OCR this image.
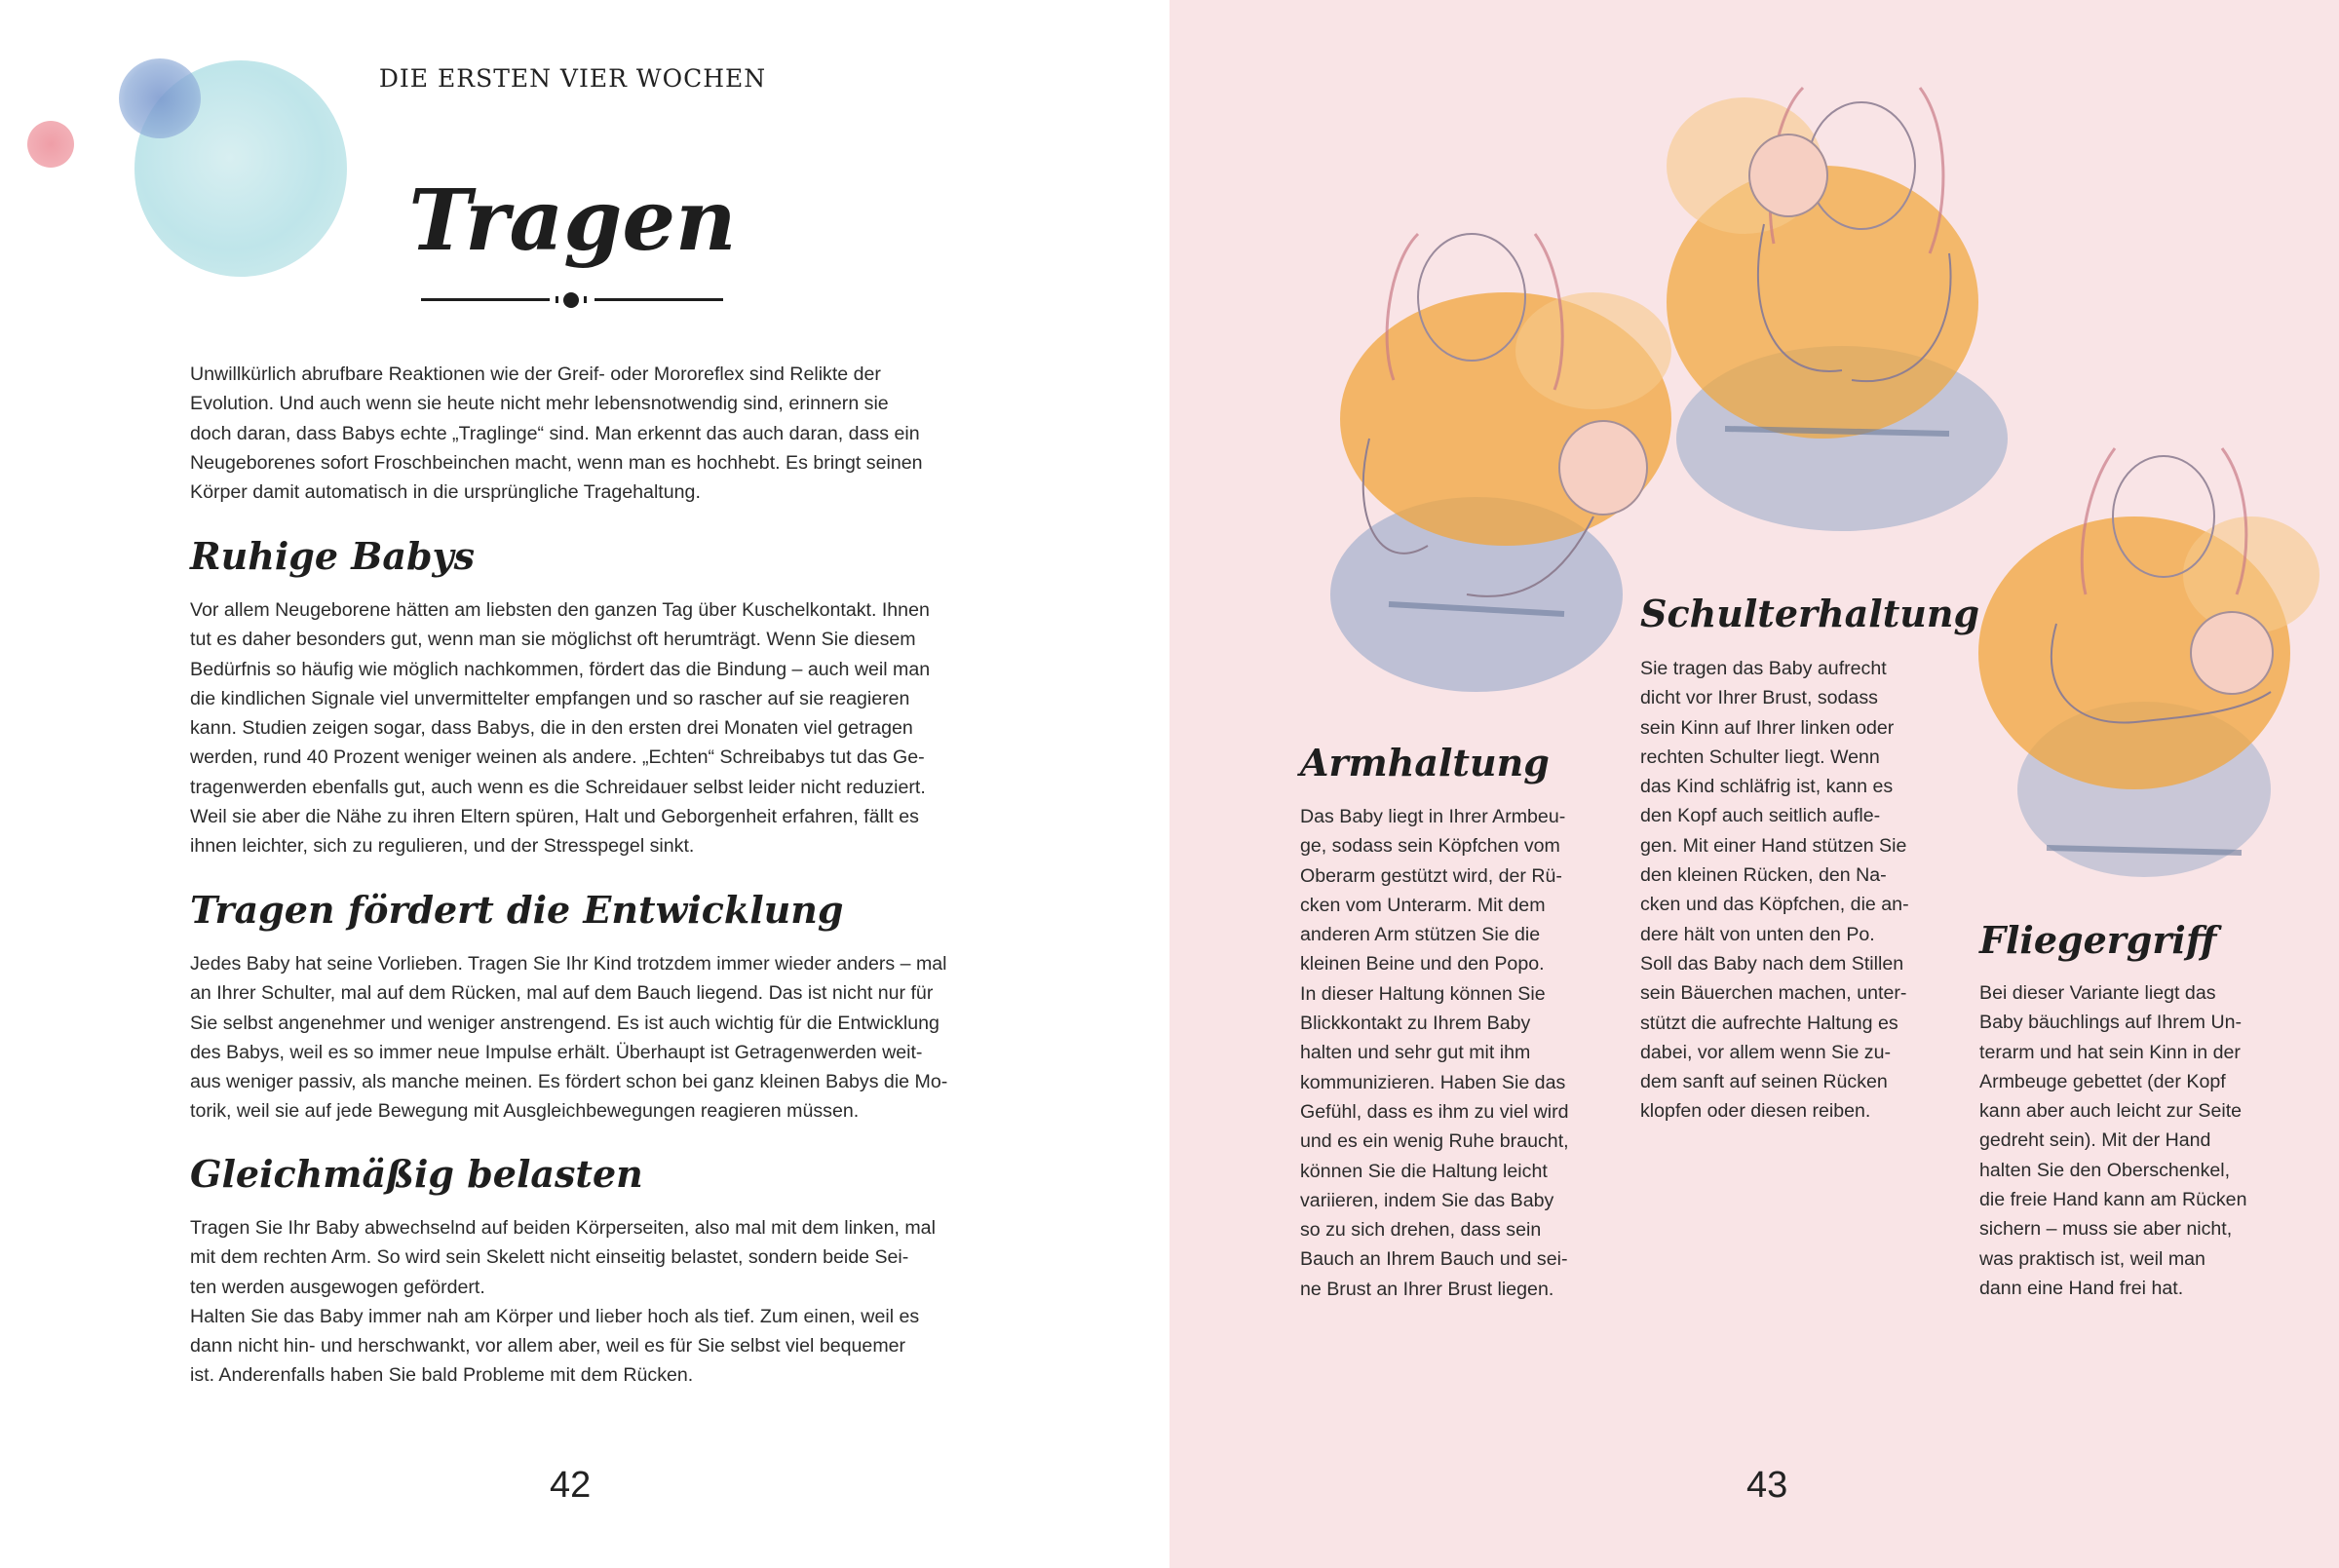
DIE ERSTEN VIER WOCHEN
Tragen

Unwillkürlich abrufbare Reaktionen wie der Greif- oder Mororeflex sind Relikte der
Evolution. Und auch wenn sie heute nicht mehr lebensnotwendig sind, erinnern sie
doch daran, dass Babys echte „Traglinge“ sind. Man erkennt das auch daran, dass ein
Neugeborenes sofort Froschbeinchen macht, wenn man es hochhebt. Es bringt seinen
Körper damit automatisch in die ursprüngliche Tragehaltung.

Ruhige Babys

Vor allem Neugeborene hätten am liebsten den ganzen Tag über Kuschelkontakt. Ihnen
tut es daher besonders gut, wenn man sie möglichst oft herumträgt. Wenn Sie diesem
Bedürfnis so häufig wie möglich nachkommen, fördert das die Bindung – auch weil man
die kindlichen Signale viel unvermittelter empfangen und so rascher auf sie reagieren
kann. Studien zeigen sogar, dass Babys, die in den ersten drei Monaten viel getragen
werden, rund 40 Prozent weniger weinen als andere. „Echten“ Schreibabys tut das Ge-
tragenwerden ebenfalls gut, auch wenn es die Schreidauer selbst leider nicht reduziert.
Weil sie aber die Nähe zu ihren Eltern spüren, Halt und Geborgenheit erfahren, fällt es
ihnen leichter, sich zu regulieren, und der Stresspegel sinkt.

Tragen fördert die Entwicklung

Jedes Baby hat seine Vorlieben. Tragen Sie Ihr Kind trotzdem immer wieder anders – mal
an Ihrer Schulter, mal auf dem Rücken, mal auf dem Bauch liegend. Das ist nicht nur für
Sie selbst angenehmer und weniger anstrengend. Es ist auch wichtig für die Entwicklung
des Babys, weil es so immer neue Impulse erhält. Überhaupt ist Getragenwerden weit-
aus weniger passiv, als manche meinen. Es fördert schon bei ganz kleinen Babys die Mo-
torik, weil sie auf jede Bewegung mit Ausgleichbewegungen reagieren müssen.

Gleichmäßig belasten

Tragen Sie Ihr Baby abwechselnd auf beiden Körperseiten, also mal mit dem linken, mal
mit dem rechten Arm. So wird sein Skelett nicht einseitig belastet, sondern beide Sei-
ten werden ausgewogen gefördert.
Halten Sie das Baby immer nah am Körper und lieber hoch als tief. Zum einen, weil es
dann nicht hin- und herschwankt, vor allem aber, weil es für Sie selbst viel bequemer
ist. Anderenfalls haben Sie bald Probleme mit dem Rücken.

42
Armhaltung

Das Baby liegt in Ihrer Armbeu-
ge, sodass sein Köpfchen vom
Oberarm gestützt wird, der Rü-
cken vom Unterarm. Mit dem
anderen Arm stützen Sie die
kleinen Beine und den Popo.
In dieser Haltung können Sie
Blickkontakt zu Ihrem Baby
halten und sehr gut mit ihm
kommunizieren. Haben Sie das
Gefühl, dass es ihm zu viel wird
und es ein wenig Ruhe braucht,
können Sie die Haltung leicht
variieren, indem Sie das Baby
so zu sich drehen, dass sein
Bauch an Ihrem Bauch und sei-
ne Brust an Ihrer Brust liegen.

Schulterhaltung

Sie tragen das Baby aufrecht
dicht vor Ihrer Brust, sodass
sein Kinn auf Ihrer linken oder
rechten Schulter liegt. Wenn
das Kind schläfrig ist, kann es
den Kopf auch seitlich aufle-
gen. Mit einer Hand stützen Sie
den kleinen Rücken, den Na-
cken und das Köpfchen, die an-
dere hält von unten den Po.
Soll das Baby nach dem Stillen
sein Bäuerchen machen, unter-
stützt die aufrechte Haltung es
dabei, vor allem wenn Sie zu-
dem sanft auf seinen Rücken
klopfen oder diesen reiben.

Fliegergriff

Bei dieser Variante liegt das
Baby bäuchlings auf Ihrem Un-
terarm und hat sein Kinn in der
Armbeuge gebettet (der Kopf
kann aber auch leicht zur Seite
gedreht sein). Mit der Hand
halten Sie den Oberschenkel,
die freie Hand kann am Rücken
sichern – muss sie aber nicht,
was praktisch ist, weil man
dann eine Hand frei hat.

43
